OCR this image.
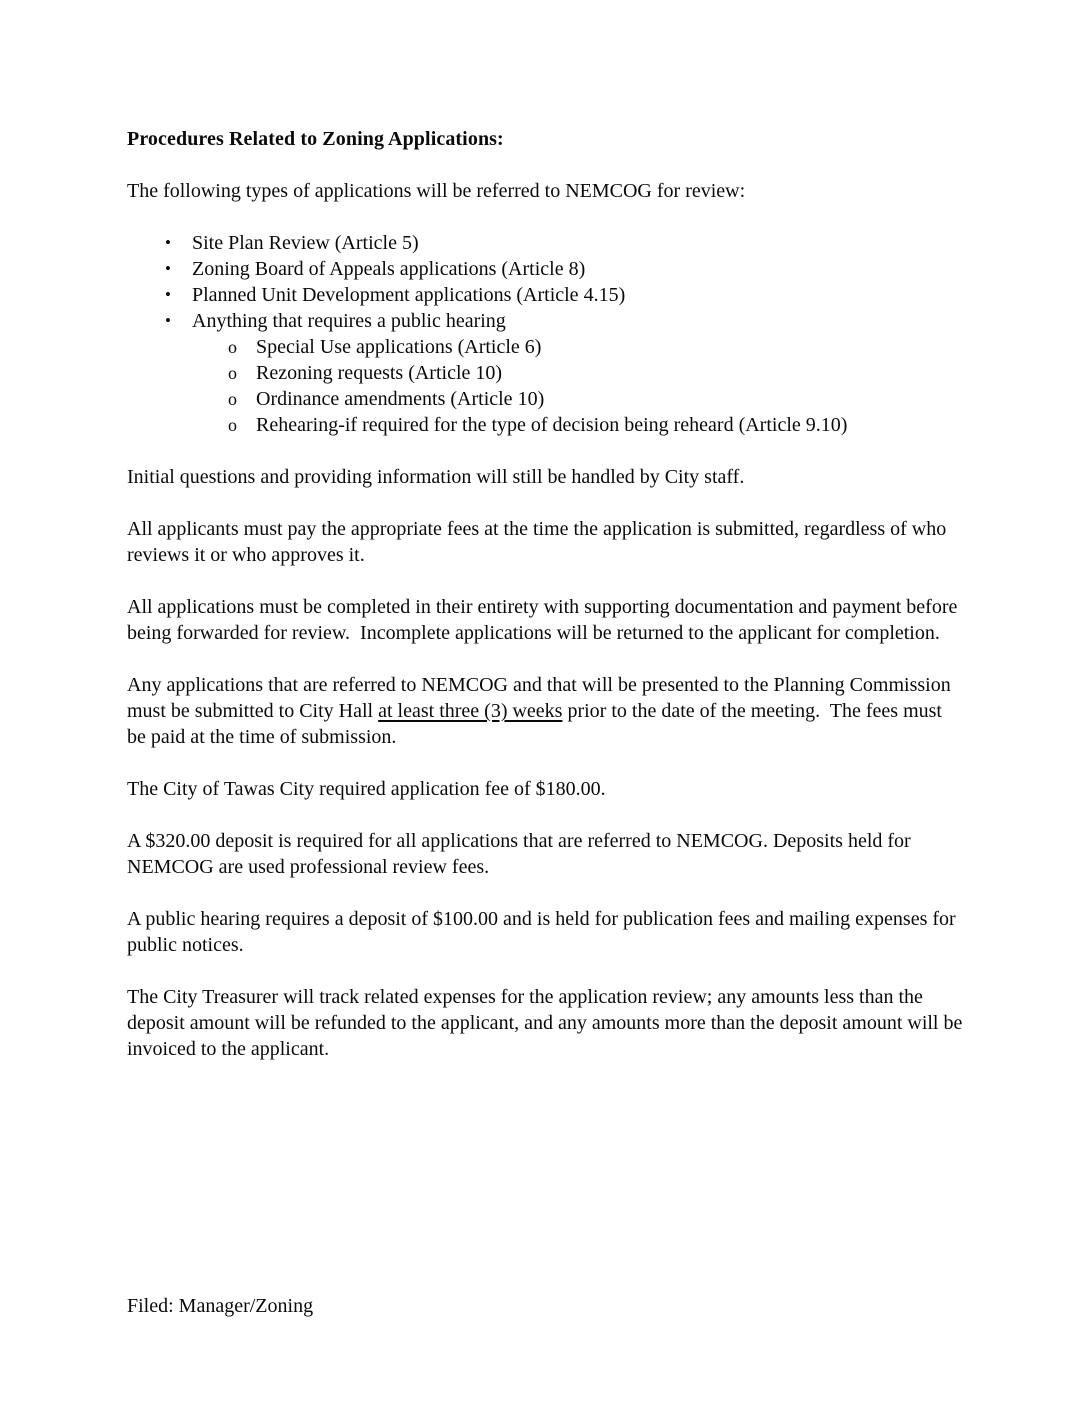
Procedures Related to Zoning Applications:

The following types of applications will be referred to NEMCOG for review:

•	Site Plan Review (Article 5)
•	Zoning Board of Appeals applications (Article 8)
•	Planned Unit Development applications (Article 4.15)
•	Anything that requires a public hearing
o Special Use applications (Article 6)
o Rezoning requests (Article 10)
o Ordinance amendments (Article 10)
o Rehearing-if required for the type of decision being reheard (Article 9.10)

Initial questions and providing information will still be handled by City staff.

All applicants must pay the appropriate fees at the time the application is submitted, regardless of who reviews it or who approves it.

All applications must be completed in their entirety with supporting documentation and payment before being forwarded for review.  Incomplete applications will be returned to the applicant for completion.

Any applications that are referred to NEMCOG and that will be presented to the Planning Commission must be submitted to City Hall at least three (3) weeks prior to the date of the meeting.  The fees must be paid at the time of submission.

The City of Tawas City required application fee of $180.00.

A $320.00 deposit is required for all applications that are referred to NEMCOG. Deposits held for NEMCOG are used professional review fees.

A public hearing requires a deposit of $100.00 and is held for publication fees and mailing expenses for public notices.

The City Treasurer will track related expenses for the application review; any amounts less than the deposit amount will be refunded to the applicant, and any amounts more than the deposit amount will be invoiced to the applicant.

Filed: Manager/Zoning
